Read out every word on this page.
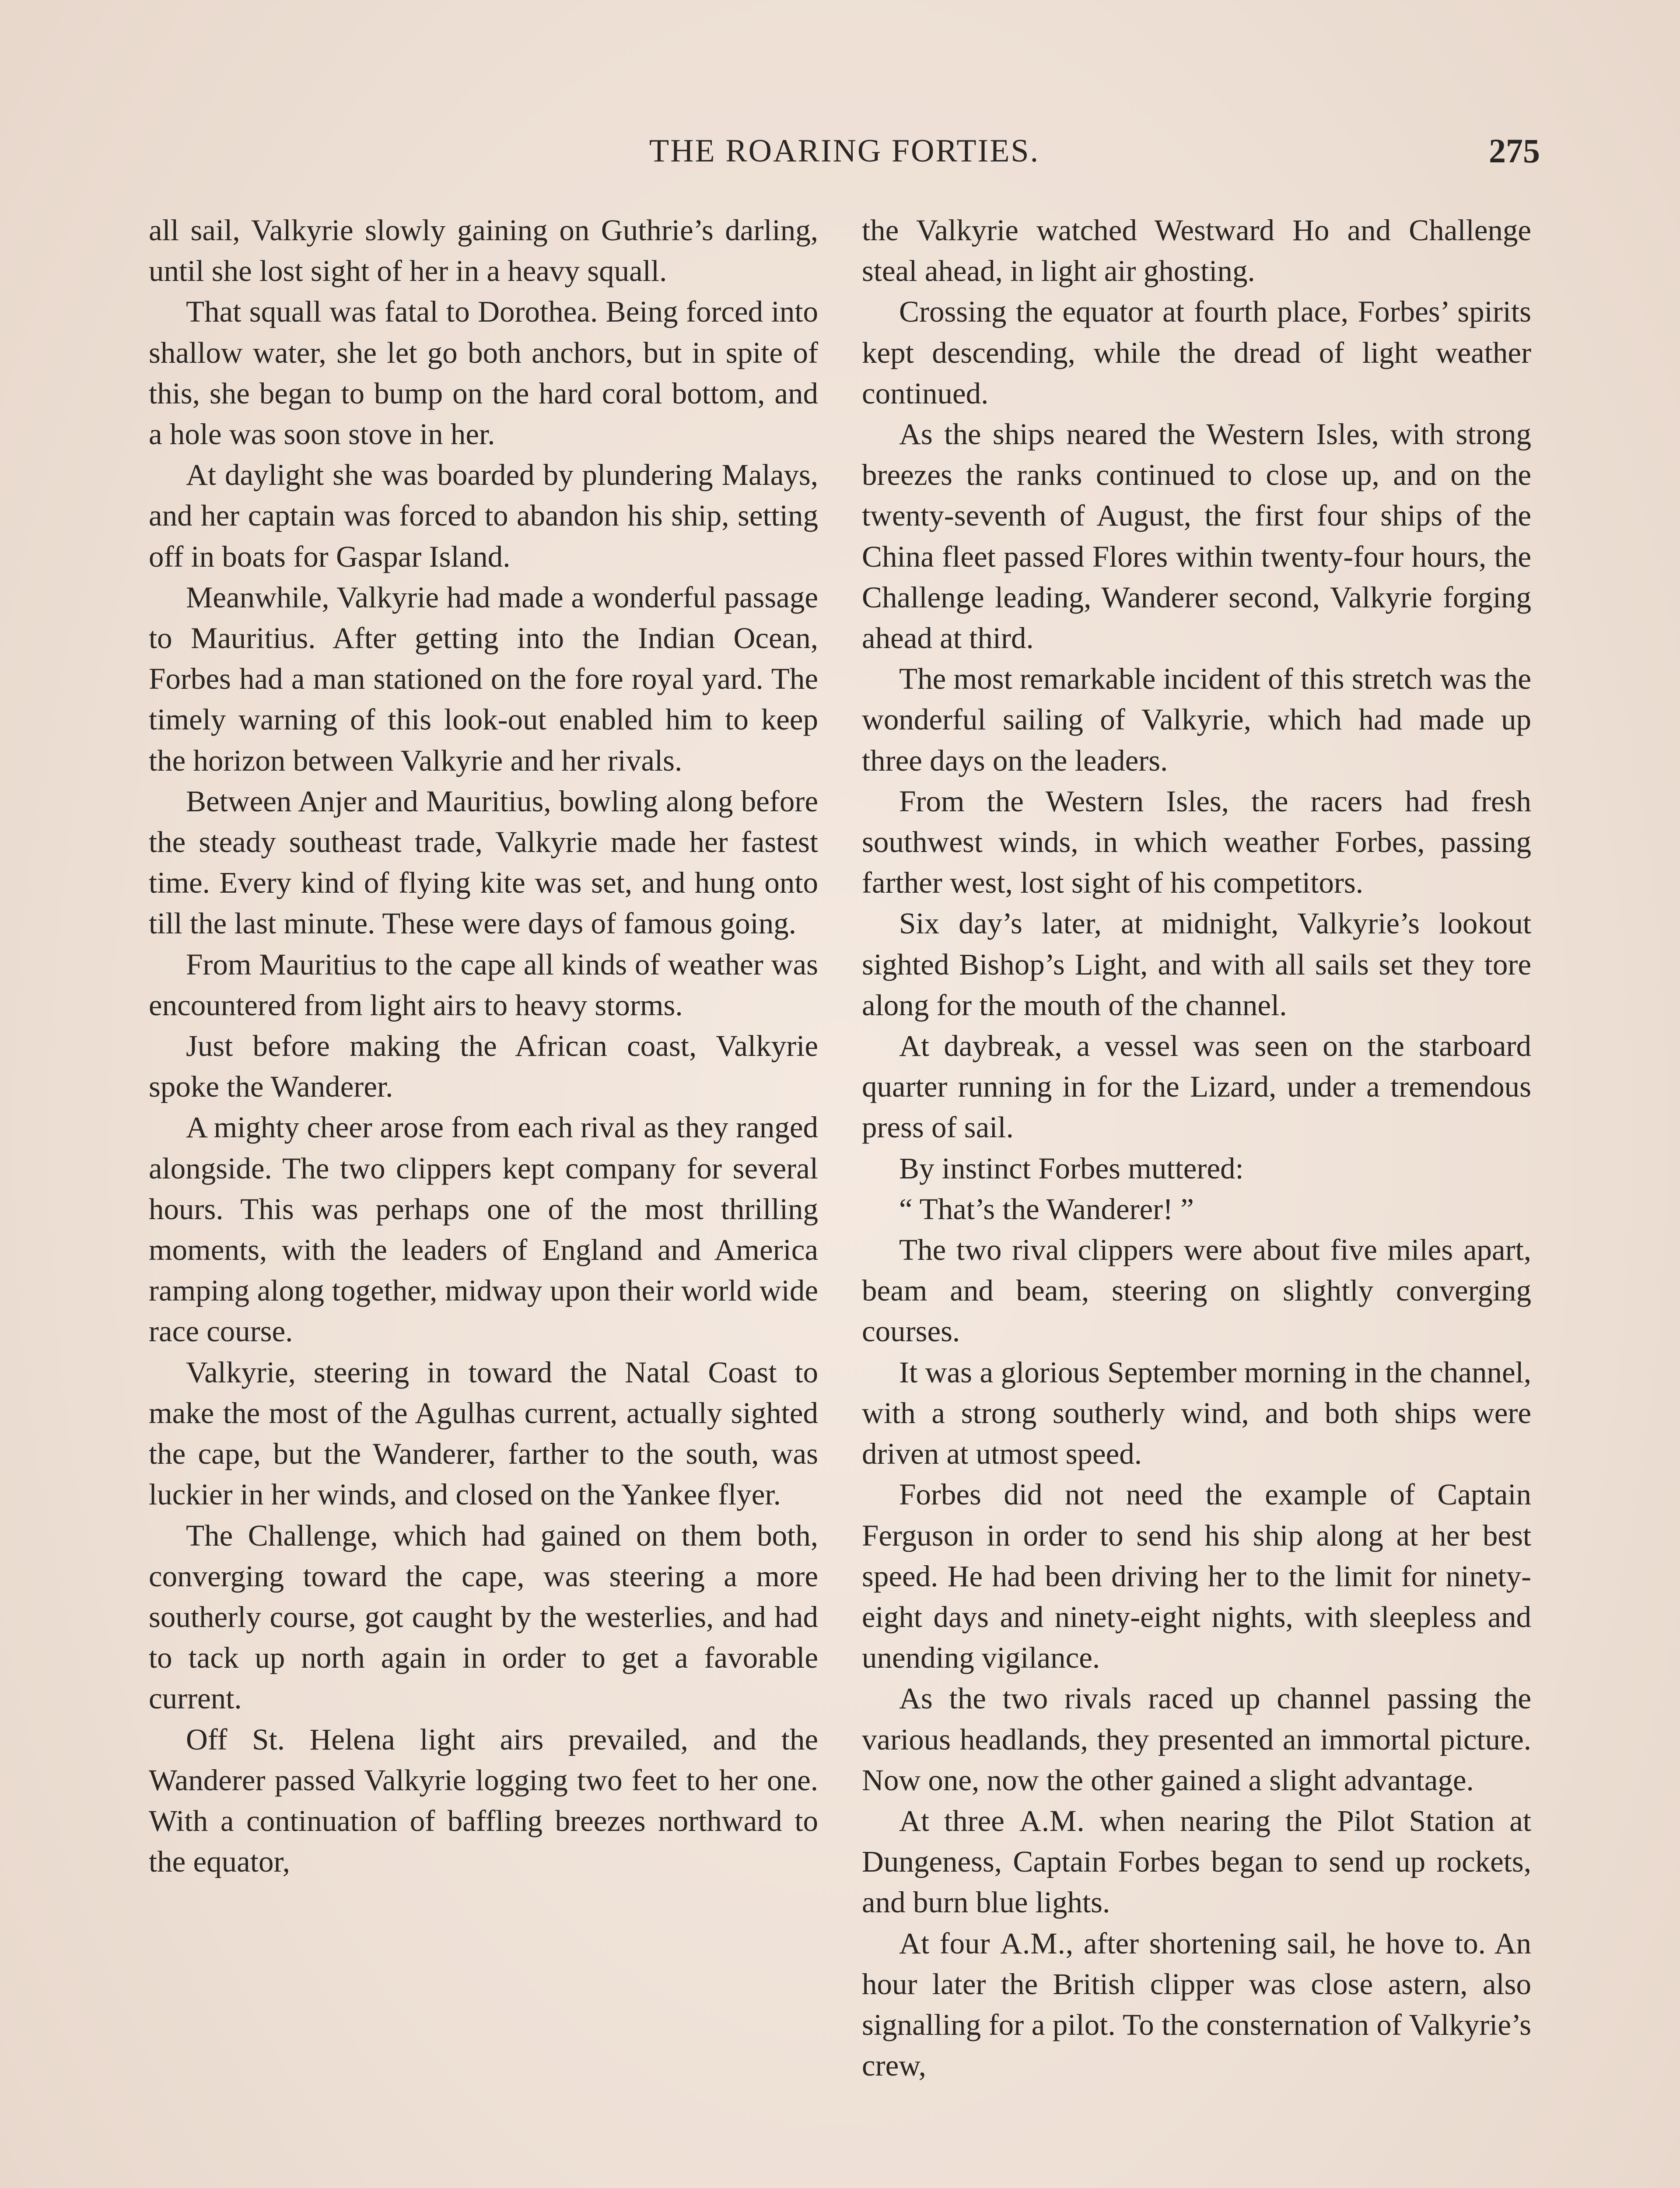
THE ROARING FORTIES.	275

all sail, Valkyrie slowly gaining on Guthrie’s darling, until she lost sight of her in a heavy squall.

That squall was fatal to Dorothea. Being forced into shallow water, she let go both anchors, but in spite of this, she began to bump on the hard coral bottom, and a hole was soon stove in her.

At daylight she was boarded by plundering Malays, and her captain was forced to abandon his ship, setting off in boats for Gaspar Island.

Meanwhile, Valkyrie had made a wonderful passage to Mauritius. After getting into the Indian Ocean, Forbes had a man stationed on the fore royal yard. The timely warning of this look-out enabled him to keep the horizon between Valkyrie and her rivals.

Between Anjer and Mauritius, bowling along before the steady southeast trade, Valkyrie made her fastest time. Every kind of flying kite was set, and hung onto till the last minute. These were days of famous going.

From Mauritius to the cape all kinds of weather was encountered from light airs to heavy storms.

Just before making the African coast, Valkyrie spoke the Wanderer.

A mighty cheer arose from each rival as they ranged alongside. The two clippers kept company for several hours. This was perhaps one of the most thrilling moments, with the leaders of England and America ramping along together, midway upon their world wide race course.

Valkyrie, steering in toward the Natal Coast to make the most of the Agulhas current, actually sighted the cape, but the Wanderer, farther to the south, was luckier in her winds, and closed on the Yankee flyer.

The Challenge, which had gained on them both, converging toward the cape, was steering a more southerly course, got caught by the westerlies, and had to tack up north again in order to get a favorable current.

Off St. Helena light airs prevailed, and the Wanderer passed Valkyrie logging two feet to her one. With a continuation of baffling breezes northward to the equator,

the Valkyrie watched Westward Ho and Challenge steal ahead, in light air ghosting.

Crossing the equator at fourth place, Forbes’ spirits kept descending, while the dread of light weather continued.

As the ships neared the Western Isles, with strong breezes the ranks continued to close up, and on the twenty-seventh of August, the first four ships of the China fleet passed Flores within twenty-four hours, the Challenge leading, Wanderer second, Valkyrie forging ahead at third.

The most remarkable incident of this stretch was the wonderful sailing of Valkyrie, which had made up three days on the leaders.

From the Western Isles, the racers had fresh southwest winds, in which weather Forbes, passing farther west, lost sight of his competitors.

Six day’s later, at midnight, Valkyrie’s lookout sighted Bishop’s Light, and with all sails set they tore along for the mouth of the channel.

At daybreak, a vessel was seen on the starboard quarter running in for the Lizard, under a tremendous press of sail.

By instinct Forbes muttered:

“ That’s the Wanderer! ”

The two rival clippers were about five miles apart, beam and beam, steering on slightly converging courses.

It was a glorious September morning in the channel, with a strong southerly wind, and both ships were driven at utmost speed.

Forbes did not need the example of Captain Ferguson in order to send his ship along at her best speed. He had been driving her to the limit for ninety-eight days and ninety-eight nights, with sleepless and unending vigilance.

As the two rivals raced up channel passing the various headlands, they presented an immortal picture. Now one, now the other gained a slight advantage.

At three A.M. when nearing the Pilot Station at Dungeness, Captain Forbes began to send up rockets, and burn blue lights.

At four A.M., after shortening sail, he hove to. An hour later the British clipper was close astern, also signalling for a pilot. To the consternation of Valkyrie’s crew,
